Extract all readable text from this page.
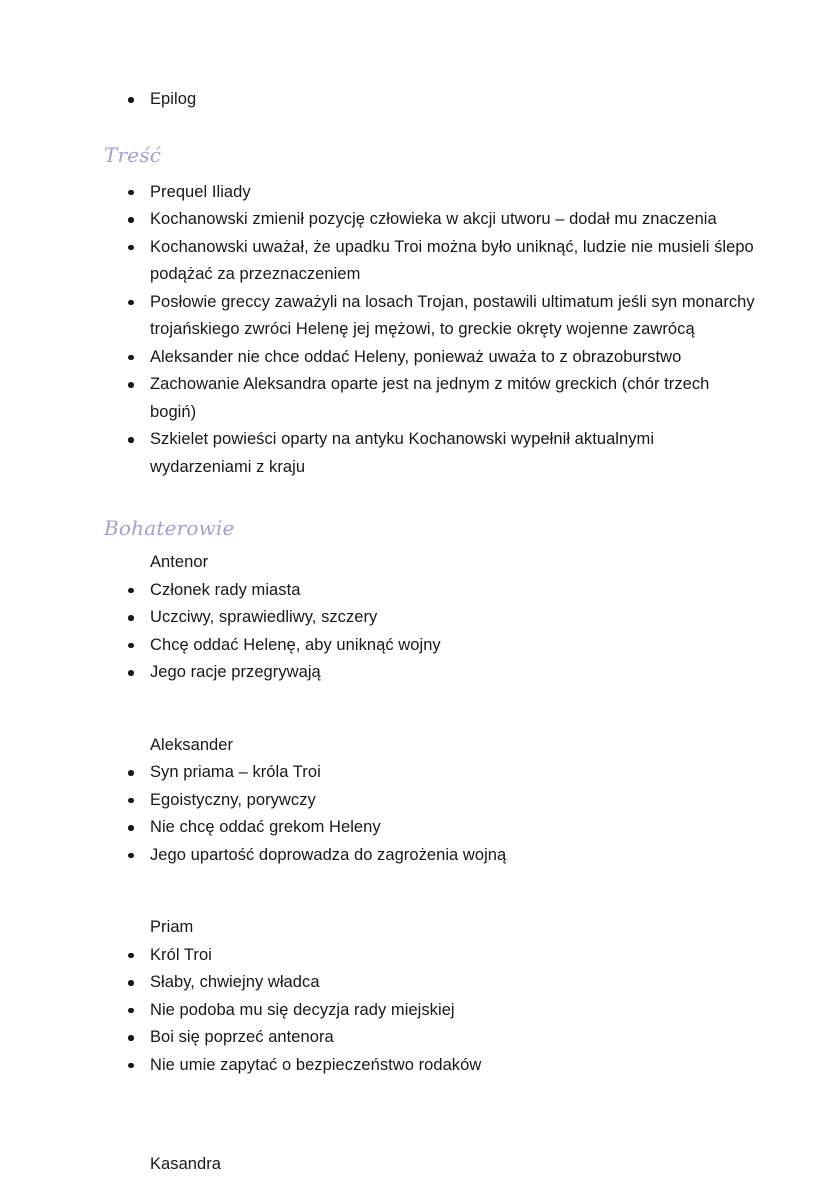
Epilog
Treść
Prequel Iliady
Kochanowski zmienił pozycję człowieka w akcji utworu – dodał mu znaczenia
Kochanowski uważał, że upadku Troi można było uniknąć, ludzie nie musieli ślepo podążać za przeznaczeniem
Posłowie greccy zaważyli na losach Trojan, postawili ultimatum jeśli syn monarchy trojańskiego zwróci Helenę jej mężowi, to greckie okręty wojenne zawrócą
Aleksander nie chce oddać Heleny, ponieważ uważa to z obrazoburstwo
Zachowanie Aleksandra oparte jest na jednym z mitów greckich (chór trzech bogiń)
Szkielet powieści oparty na antyku Kochanowski wypełnił aktualnymi wydarzeniami z kraju
Bohaterowie
Antenor
Członek rady miasta
Uczciwy, sprawiedliwy, szczery
Chcę oddać Helenę, aby uniknąć wojny
Jego racje przegrywają
Aleksander
Syn priama – króla Troi
Egoistyczny, porywczy
Nie chcę oddać grekom Heleny
Jego upartość doprowadza do zagrożenia wojną
Priam
Król Troi
Słaby, chwiejny władca
Nie podoba mu się decyzja rady miejskiej
Boi się poprzeć antenora
Nie umie zapytać o bezpieczeństwo rodaków
Kasandra
